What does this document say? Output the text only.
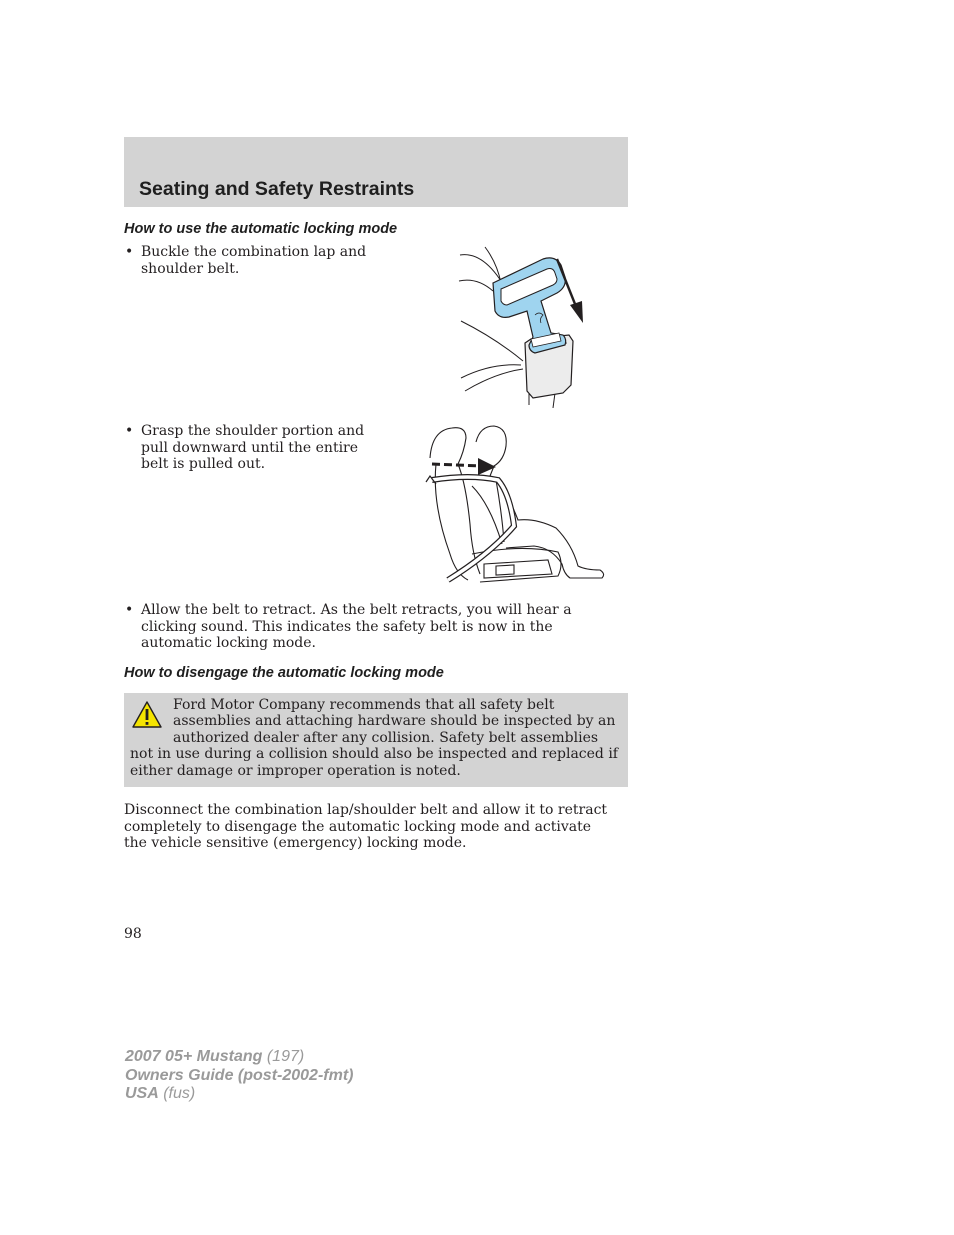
Seating and Safety Restraints
How to use the automatic locking mode

• Buckle the combination lap and shoulder belt.

• Grasp the shoulder portion and pull downward until the entire belt is pulled out.

• Allow the belt to retract. As the belt retracts, you will hear a clicking sound. This indicates the safety belt is now in the automatic locking mode.

How to disengage the automatic locking mode

Ford Motor Company recommends that all safety belt assemblies and attaching hardware should be inspected by an authorized dealer after any collision. Safety belt assemblies not in use during a collision should also be inspected and replaced if either damage or improper operation is noted.

Disconnect the combination lap/shoulder belt and allow it to retract completely to disengage the automatic locking mode and activate the vehicle sensitive (emergency) locking mode.

98

2007 05+ Mustang (197)
Owners Guide (post-2002-fmt)
USA (fus)
